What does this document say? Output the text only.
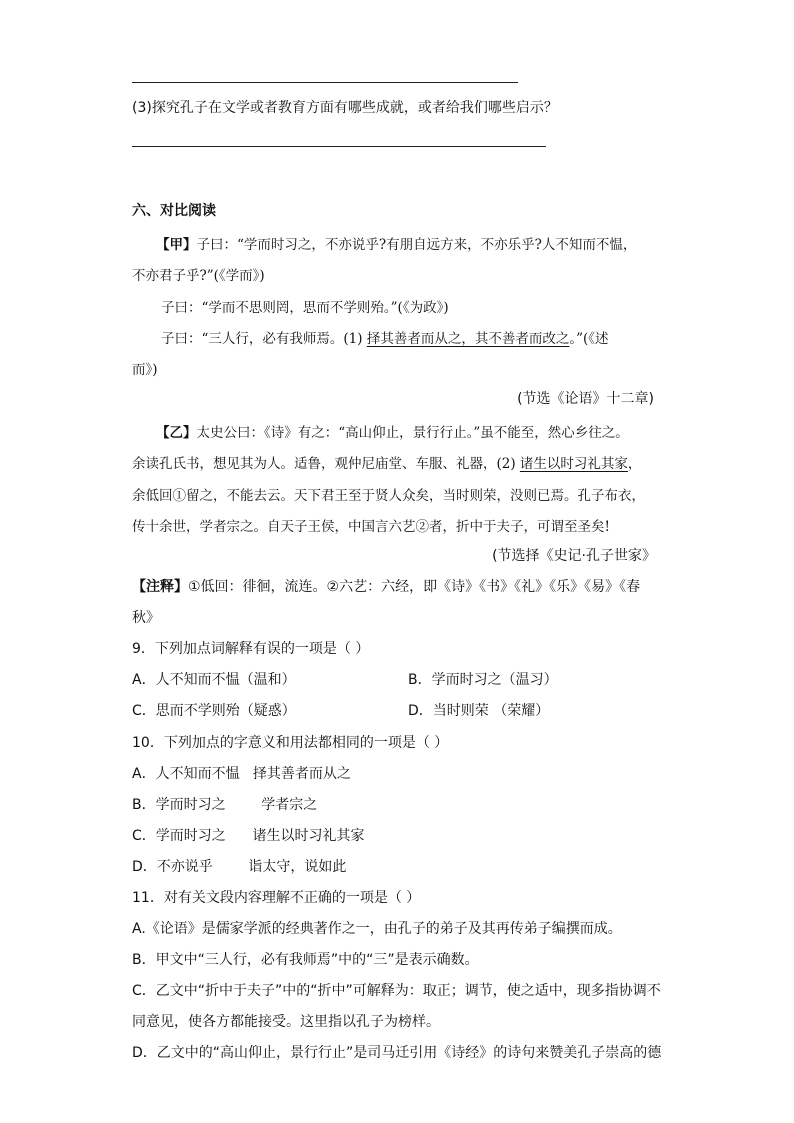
(3)探究孔子在文学或者教育方面有哪些成就，或者给我们哪些启示？
六、对比阅读
【甲】子曰：“学而时习之，不亦说乎?有朋自远方来，不亦乐乎?人不知而不愠，
不亦君子乎?”(《学而》)
子曰：“学而不思则罔，思而不学则殆。”(《为政》)
子曰：“三人行，必有我师焉。(1) 择其善者而从之，其不善者而改之。”(《述
而》)
(节选《论语》十二章)
【乙】太史公曰：《诗》有之：“高山仰止，景行行止。”虽不能至，然心乡往之。
余读孔氏书，想见其为人。适鲁，观仲尼庙堂、车服、礼器，(2) 诸生以时习礼其家，
余低回①留之，不能去云。天下君王至于贤人众矣，当时则荣，没则已焉。孔子布衣，
传十余世，学者宗之。自天子王侯，中国言六艺②者，折中于夫子，可谓至圣矣!
(节选择《史记·孔子世家》
【注释】①低回：徘徊，流连。②六艺：六经，即《诗》《书》《礼》《乐》《易》《春
秋》
9．下列加点词解释有误的一项是（ ）
A．人不知而不愠（温和）	B．学而时习之（温习）
C．思而不学则殆（疑惑）	D．当时则荣 （荣耀）
10．下列加点的字意义和用法都相同的一项是（ ）
A．人不知而不愠   择其善者而从之
B．学而时习之        学者宗之
C．学而时习之      诸生以时习礼其家
D．不亦说乎        诣太守，说如此
11．对有关文段内容理解不正确的一项是（ ）
A.《论语》是儒家学派的经典著作之一，由孔子的弟子及其再传弟子编撰而成。
B．甲文中“三人行，必有我师焉”中的“三”是表示确数。
C．乙文中“折中于夫子”中的“折中”可解释为：取正；调节，使之适中，现多指协调不
同意见，使各方都能接受。这里指以孔子为榜样。
D．乙文中的“高山仰止，景行行止”是司马迁引用《诗经》的诗句来赞美孔子崇高的德
